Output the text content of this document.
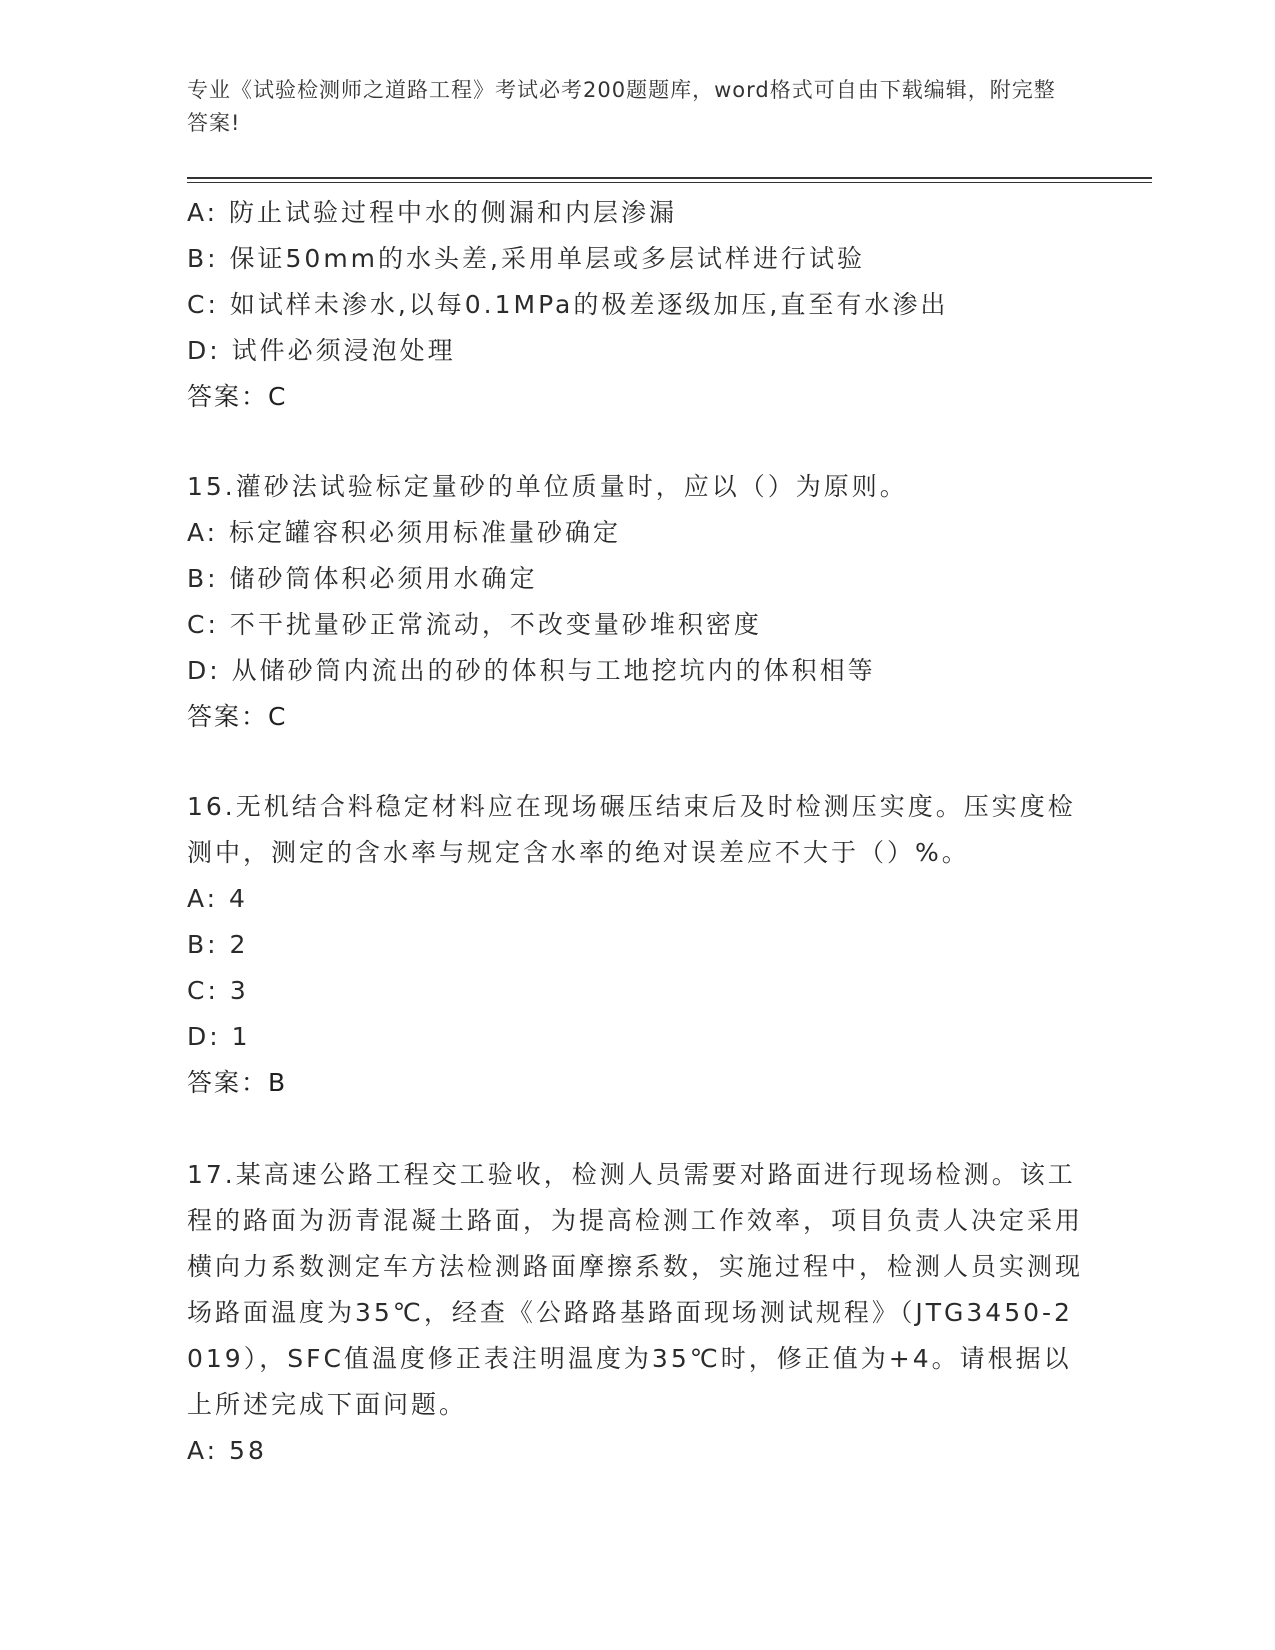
专业《试验检测师之道路工程》考试必考200题题库，word格式可自由下载编辑，附完整答案!
A: 防止试验过程中水的侧漏和内层渗漏
B: 保证50mm的水头差,采用单层或多层试样进行试验
C: 如试样未渗水,以每0.1MPa的极差逐级加压,直至有水渗出
D: 试件必须浸泡处理
答案：C
15.灌砂法试验标定量砂的单位质量时，应以（）为原则。
A: 标定罐容积必须用标准量砂确定
B: 储砂筒体积必须用水确定
C: 不干扰量砂正常流动，不改变量砂堆积密度
D: 从储砂筒内流出的砂的体积与工地挖坑内的体积相等
答案：C
16.无机结合料稳定材料应在现场碾压结束后及时检测压实度。压实度检测中，测定的含水率与规定含水率的绝对误差应不大于（）%。
A: 4
B: 2
C: 3
D: 1
答案：B
17.某高速公路工程交工验收，检测人员需要对路面进行现场检测。该工程的路面为沥青混凝土路面，为提高检测工作效率，项目负责人决定采用横向力系数测定车方法检测路面摩擦系数，实施过程中，检测人员实测现场路面温度为35℃，经查《公路路基路面现场测试规程》（JTG3450-2019），SFC值温度修正表注明温度为35℃时，修正值为+4。请根据以上所述完成下面问题。
A: 58
